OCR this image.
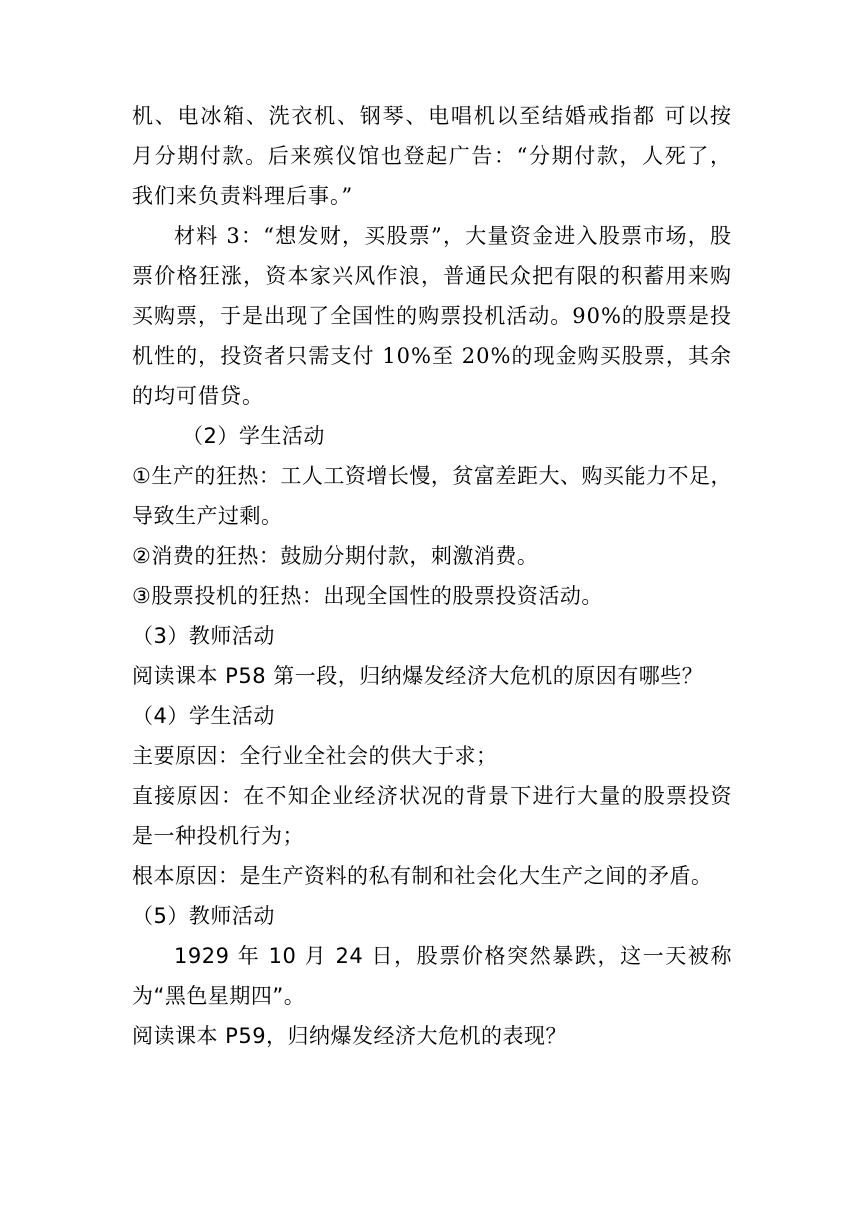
机、电冰箱、洗衣机、钢琴、电唱机以至结婚戒指都 可以按月分期付款。后来殡仪馆也登起广告：“分期付款，人死了，我们来负责料理后事。”

材料 3：“想发财，买股票”，大量资金进入股票市场，股票价格狂涨，资本家兴风作浪，普通民众把有限的积蓄用来购买购票，于是出现了全国性的购票投机活动。90%的股票是投机性的，投资者只需支付 10%至 20%的现金购买股票，其余的均可借贷。

（2）学生活动

①生产的狂热：工人工资增长慢，贫富差距大、购买能力不足，导致生产过剩。

②消费的狂热：鼓励分期付款，刺激消费。

③股票投机的狂热：出现全国性的股票投资活动。

（3）教师活动

阅读课本 P58 第一段，归纳爆发经济大危机的原因有哪些？

（4）学生活动

主要原因：全行业全社会的供大于求；

直接原因：在不知企业经济状况的背景下进行大量的股票投资是一种投机行为；

根本原因：是生产资料的私有制和社会化大生产之间的矛盾。

（5）教师活动

1929 年 10 月 24 日，股票价格突然暴跌，这一天被称为“黑色星期四”。

阅读课本 P59，归纳爆发经济大危机的表现？
